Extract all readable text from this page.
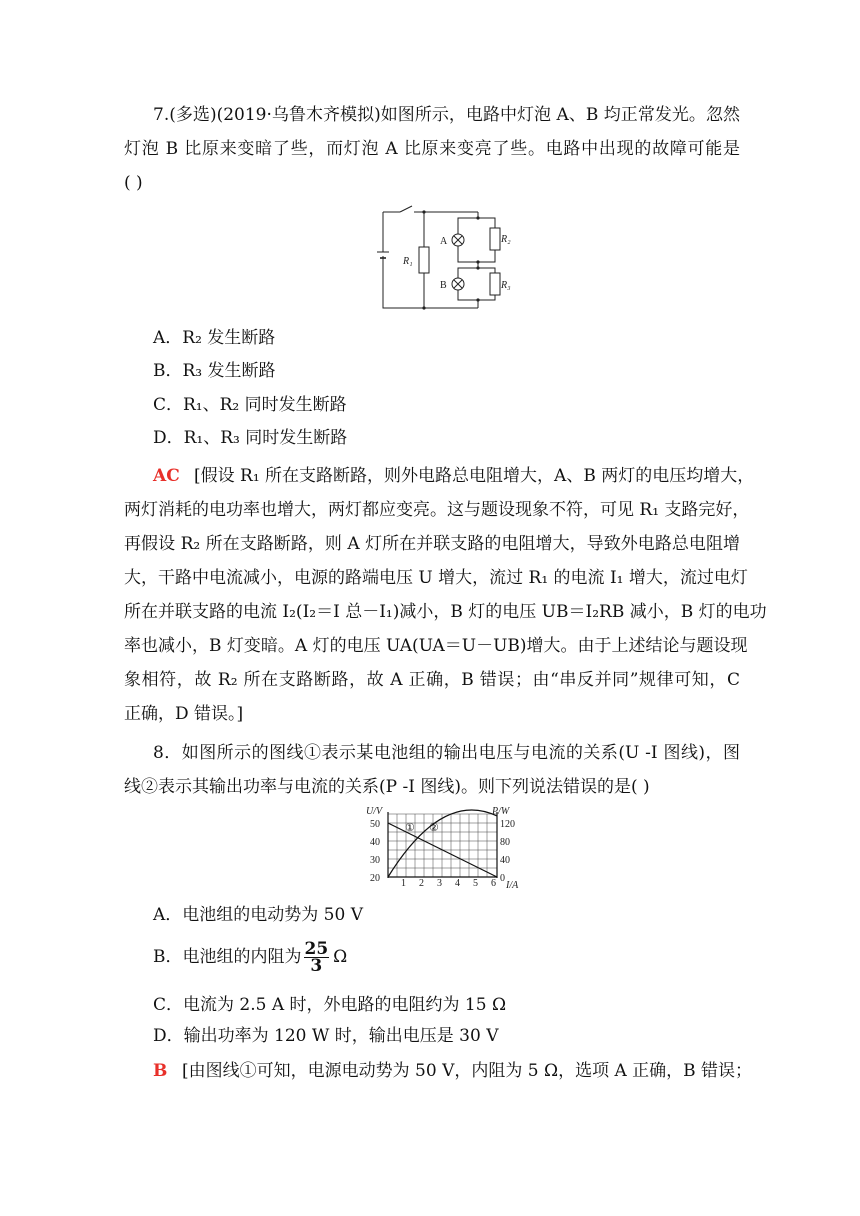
7.(多选)(2019·乌鲁木齐模拟)如图所示，电路中灯泡 A、B 均正常发光。忽然
灯泡 B 比原来变暗了些，而灯泡 A 比原来变亮了些。电路中出现的故障可能是
( )
A
B
R₁
R₂
R₃
A．R₂ 发生断路
B．R₃ 发生断路
C．R₁、R₂ 同时发生断路
D．R₁、R₃ 同时发生断路
AC [假设 R₁ 所在支路断路，则外电路总电阻增大，A、B 两灯的电压均增大，
两灯消耗的电功率也增大，两灯都应变亮。这与题设现象不符，可见 R₁ 支路完好，
再假设 R₂ 所在支路断路，则 A 灯所在并联支路的电阻增大，导致外电路总电阻增
大，干路中电流减小，电源的路端电压 U 增大，流过 R₁ 的电流 I₁ 增大，流过电灯
所在并联支路的电流 I₂(I₂＝I 总－I₁)减小，B 灯的电压 UB＝I₂RB 减小，B 灯的电功
率也减小，B 灯变暗。A 灯的电压 UA(UA＝U－UB)增大。由于上述结论与题设现
象相符，故 R₂ 所在支路断路，故 A 正确，B 错误；由“串反并同”规律可知，C
正确，D 错误。]
8．如图所示的图线①表示某电池组的输出电压与电流的关系(U -I 图线)，图
线②表示其输出功率与电流的关系(P -I 图线)。则下列说法错误的是( )
U/V	P/W
I/A
50
40
30
20
120
80
40
0
1 2 3 4 5 6
① ②
A．电池组的电动势为 50 V
B．电池组的内阻为 $\frac{25}{3}$ Ω
C．电流为 2.5 A 时，外电路的电阻约为 15 Ω
D．输出功率为 120 W 时，输出电压是 30 V
B [由图线①可知，电源电动势为 50 V，内阻为 5 Ω，选项 A 正确，B 错误；
